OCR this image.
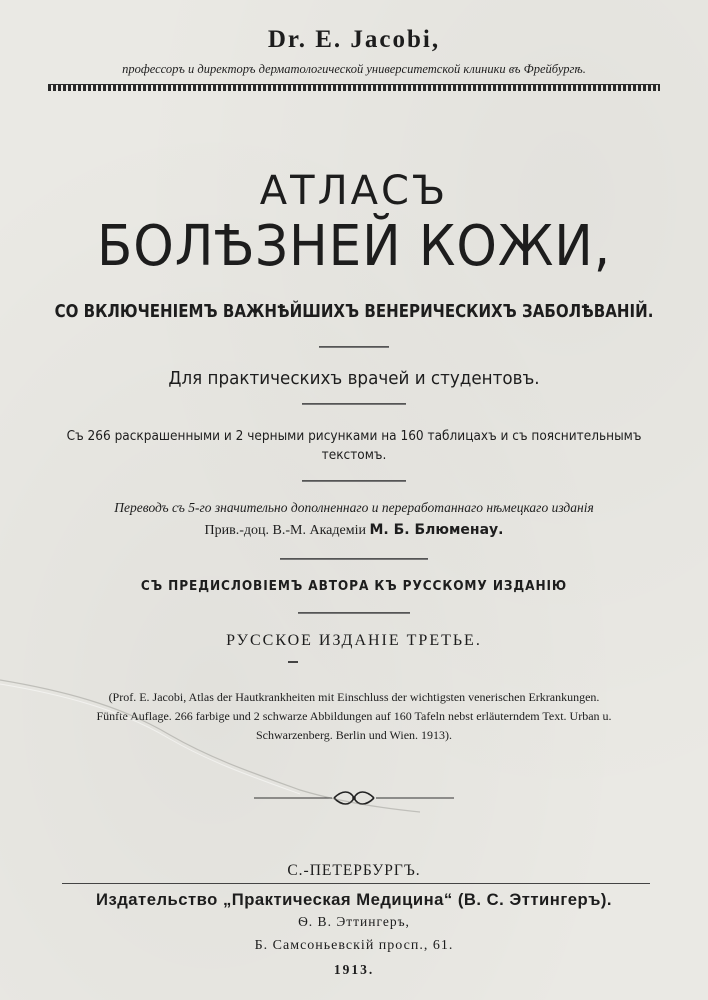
Dr. E. Jacobi,
профессоръ и директоръ дерматологической университетской клиники въ Фрейбургѣ.
АТЛАСЪ
БОЛѢЗНЕЙ КОЖИ,
СО ВКЛЮЧЕНІЕМЪ ВАЖНѢЙШИХЪ ВЕНЕРИЧЕСКИХЪ ЗАБОЛѢВАНІЙ.
Для практическихъ врачей и студентовъ.
Съ 266 раскрашенными и 2 черными рисунками на 160 таблицахъ и съ пояснительнымъ
текстомъ.
Переводъ съ 5-го значительно дополненнаго и переработаннаго нѣмецкаго изданія
Прив.-доц. В.-М. Академіи М. Б. Блюменау.
СЪ ПРЕДИСЛОВІЕМЪ АВТОРА КЪ РУССКОМУ ИЗДАНІЮ
РУССКОЕ ИЗДАНІЕ ТРЕТЬЕ.
(Prof. E. Jacobi, Atlas der Hautkrankheiten mit Einschluss der wichtigsten venerischen Erkrankungen.
Fünfte Auflage. 266 farbige und 2 schwarze Abbildungen auf 160 Tafeln nebst erläuterndem Text. Urban u.
Schwarzenberg. Berlin und Wien. 1913).
С.-ПЕТЕРБУРГЪ.
Издательство „Практическая Медицина“ (В. С. Эттингеръ).
Ѳ. В. Эттингеръ,
Б. Самсоньевскій просп., 61.
1913.
